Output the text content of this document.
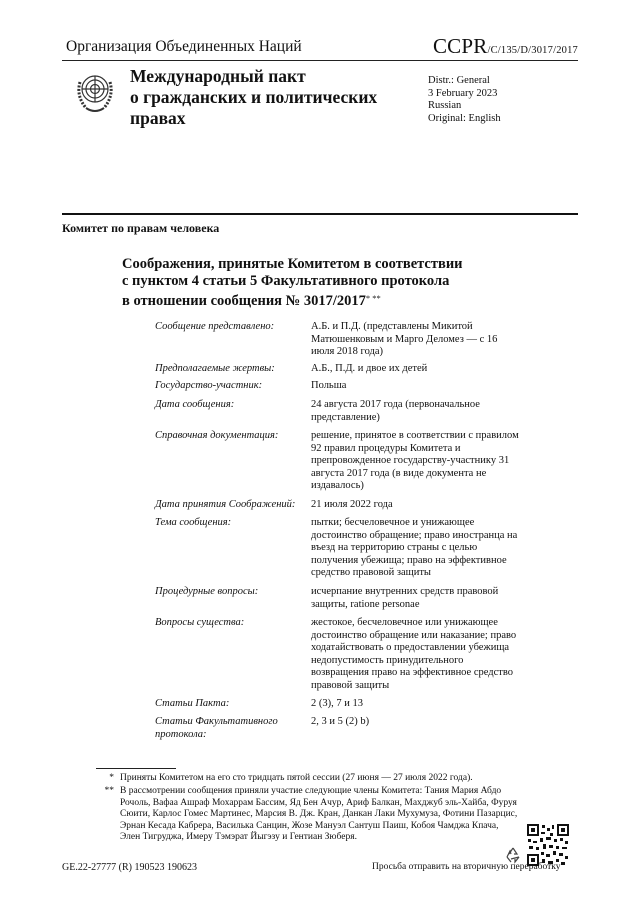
Организация Объединенных Наций	CCPR/C/135/D/3017/2017
Международный пакт
о гражданских и политических
правах
Distr.: General
3 February 2023
Russian
Original: English
Комитет по правам человека
Соображения, принятые Комитетом в соответствии
с пунктом 4 статьи 5 Факультативного протокола
в отношении сообщения № 3017/2017* **
Сообщение представлено:	А.Б. и П.Д. (представлены Микитой Матюшенковым и Марго Деломез — с 16 июля 2018 года)
Предполагаемые жертвы:	А.Б., П.Д. и двое их детей
Государство-участник:	Польша
Дата сообщения:	24 августа 2017 года (первоначальное представление)
Справочная документация:	решение, принятое в соответствии с правилом 92 правил процедуры Комитета и препровожденное государству-участнику 31 августа 2017 года (в виде документа не издавалось)
Дата принятия Соображений:	21 июля 2022 года
Тема сообщения:	пытки; бесчеловечное и унижающее достоинство обращение; право иностранца на въезд на территорию страны с целью получения убежища; право на эффективное средство правовой защиты
Процедурные вопросы:	исчерпание внутренних средств правовой защиты, ratione personae
Вопросы существа:	жестокое, бесчеловечное или унижающее достоинство обращение или наказание; право ходатайствовать о предоставлении убежища недопустимость принудительного возвращения право на эффективное средство правовой защиты
Статьи Пакта:	2 (3), 7 и 13
Статьи Факультативного протокола:
2, 3 и 5 (2) b)
* Приняты Комитетом на его сто тридцать пятой сессии (27 июня — 27 июля 2022 года).
** В рассмотрении сообщения приняли участие следующие члены Комитета: Тания Мария Абдо Рочоль, Вафаа Ашраф Мохаррам Бассим, Яд Бен Ачур, Ариф Балкан, Махджуб эль-Хайба, Фуруя Сюити, Карлос Гомес Мартинес, Марсия В. Дж. Кран, Данкан Лаки Мухумуза, Фотини Пазарцис, Эрнан Кесада Кабрера, Василька Санцин, Жозе Мануэл Сантуш Паиш, Кобоя Чамджа Кпача, Элен Тигруджа, Имеру Тэмэрат Йыгэзу и Гентиан Зюберя.
GE.22-27777 (R) 190523 190623	Просьба отправить на вторичную переработку
